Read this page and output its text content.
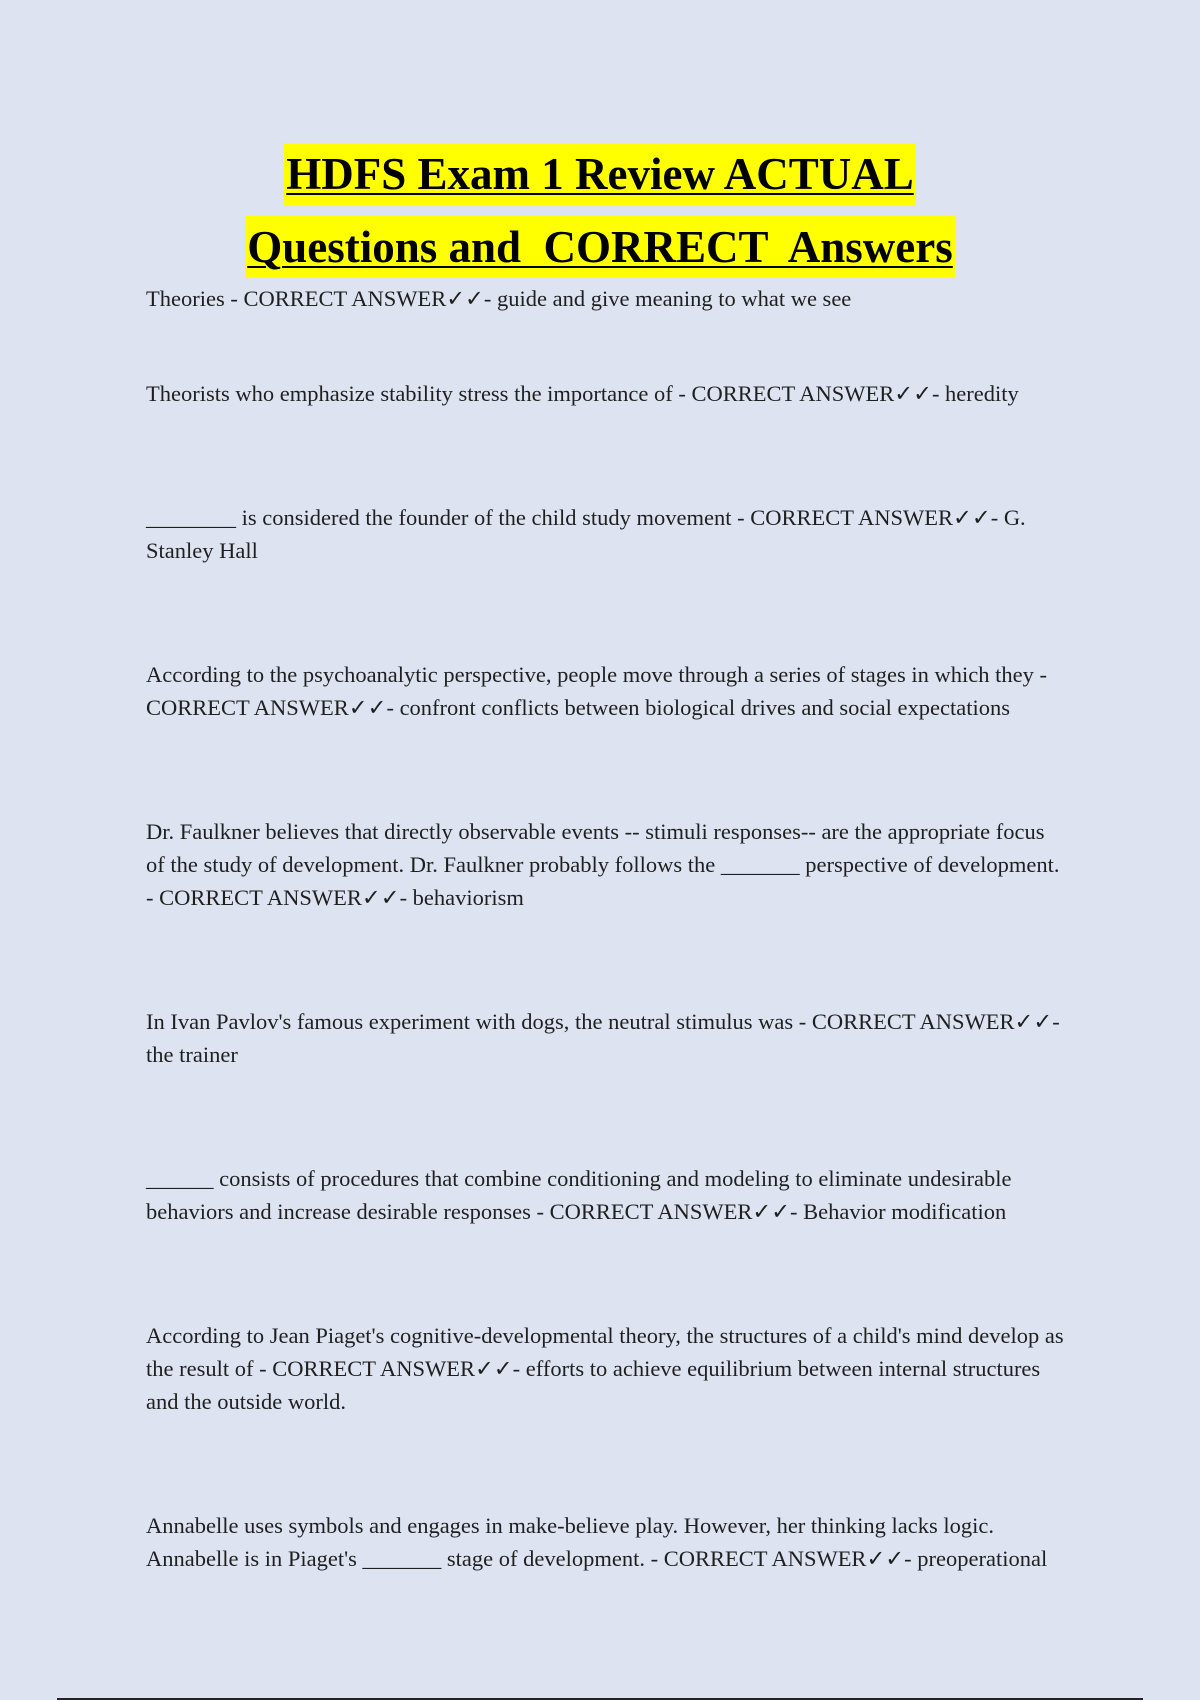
HDFS Exam 1 Review ACTUAL
Questions and  CORRECT  Answers

Theories - CORRECT ANSWER✓✓- guide and give meaning to what we see

Theorists who emphasize stability stress the importance of - CORRECT ANSWER✓✓- heredity

________ is considered the founder of the child study movement - CORRECT ANSWER✓✓- G. Stanley Hall

According to the psychoanalytic perspective, people move through a series of stages in which they - CORRECT ANSWER✓✓- confront conflicts between biological drives and social expectations

Dr. Faulkner believes that directly observable events -- stimuli responses-- are the appropriate focus of the study of development. Dr. Faulkner probably follows the _______ perspective of development. - CORRECT ANSWER✓✓- behaviorism

In Ivan Pavlov's famous experiment with dogs, the neutral stimulus was - CORRECT ANSWER✓✓- the trainer

______ consists of procedures that combine conditioning and modeling to eliminate undesirable behaviors and increase desirable responses - CORRECT ANSWER✓✓- Behavior modification

According to Jean Piaget's cognitive-developmental theory, the structures of a child's mind develop as the result of - CORRECT ANSWER✓✓- efforts to achieve equilibrium between internal structures and the outside world.

Annabelle uses symbols and engages in make-believe play. However, her thinking lacks logic. Annabelle is in Piaget's _______ stage of development. - CORRECT ANSWER✓✓- preoperational
